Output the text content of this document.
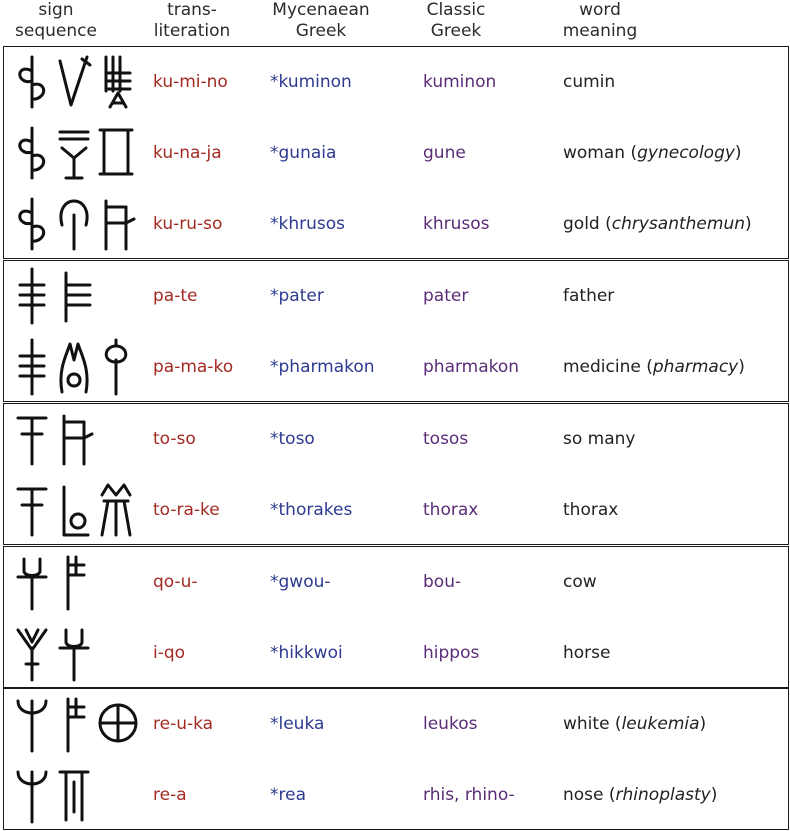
sign
sequence
trans-
literation
Mycenaean
Greek
Classic
Greek
word
meaning
ku-mi-no *kuminon	kuminon	cumin
ku-na-ja	*gunaia	gune	woman (gynecology)
ku-ru-so	*khrusos	khrusos	gold (chrysanthemun)
pa-te	*pater	pater	father
pa-ma-ko *pharmakon	pharmakon	medicine (pharmacy)
to-so	*toso	tosos	so many
to-ra-ke	*thorakes	thorax	thorax
qo-u-	*gwou-	bou-	cow
i-qo	*hikkwoi	hippos	horse
re-u-ka	*leuka	leukos	white (leukemia)
re-a	*rea	rhis, rhino-	nose (rhinoplasty)
